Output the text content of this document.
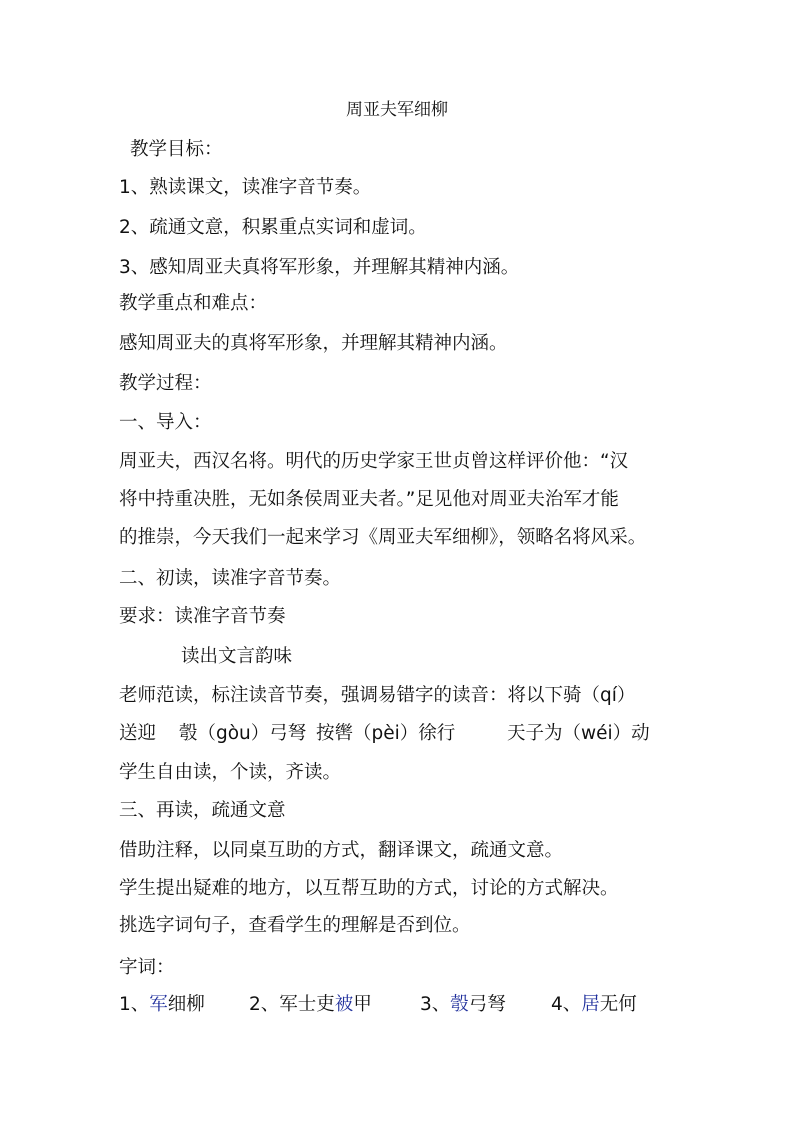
周亚夫军细柳
教学目标：
1、熟读课文，读准字音节奏。
2、疏通文意，积累重点实词和虚词。
3、感知周亚夫真将军形象，并理解其精神内涵。
教学重点和难点：
感知周亚夫的真将军形象，并理解其精神内涵。
教学过程：
一、导入：
周亚夫，西汉名将。明代的历史学家王世贞曾这样评价他：“汉
将中持重决胜，无如条侯周亚夫者。”足见他对周亚夫治军才能
的推崇，今天我们一起来学习《周亚夫军细柳》，领略名将风采。
二、初读，读准字音节奏。
要求：读准字音节奏
读出文言韵味
老师范读，标注读音节奏，强调易错字的读音：将以下骑（qí）
送迎 彀（gòu）弓弩 按辔（pèi）徐行	天子为（wéi）动
学生自由读，个读，齐读。
三、再读，疏通文意
借助注释，以同桌互助的方式，翻译课文，疏通文意。
学生提出疑难的地方，以互帮互助的方式，讨论的方式解决。
挑选字词句子，查看学生的理解是否到位。
字词：
1、军细柳 2、军士吏被甲	3、彀弓弩 4、居无何
